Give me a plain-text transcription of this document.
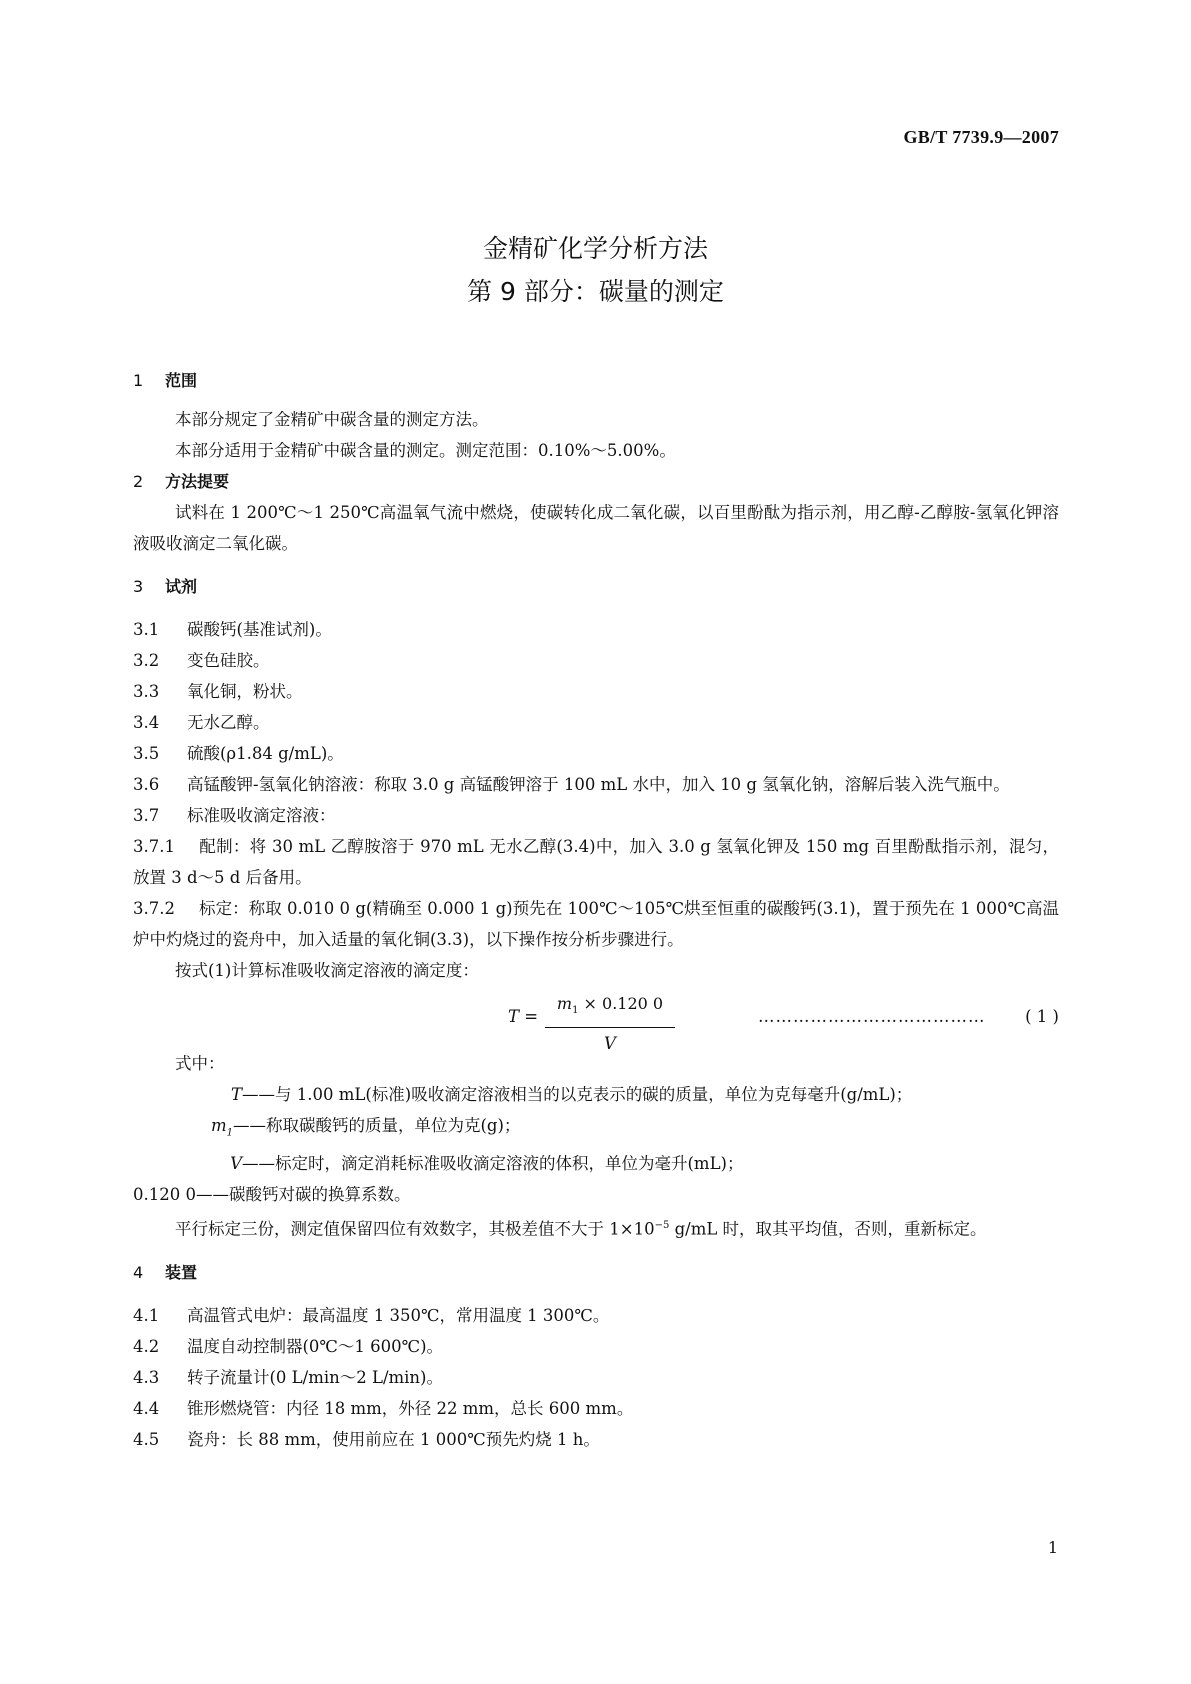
GB/T 7739.9—2007
金精矿化学分析方法
第 9 部分：碳量的测定
1 范围

本部分规定了金精矿中碳含量的测定方法。

本部分适用于金精矿中碳含量的测定。测定范围：0.10%～5.00%。

2 方法提要

试料在 1 200℃～1 250℃高温氧气流中燃烧，使碳转化成二氧化碳，以百里酚酞为指示剂，用乙醇-乙醇胺-氢氧化钾溶液吸收滴定二氧化碳。

3 试剂

3.1 碳酸钙(基准试剂)。

3.2 变色硅胶。

3.3 氧化铜，粉状。

3.4 无水乙醇。

3.5 硫酸(ρ1.84 g/mL)。

3.6 高锰酸钾-氢氧化钠溶液：称取 3.0 g 高锰酸钾溶于 100 mL 水中，加入 10 g 氢氧化钠，溶解后装入洗气瓶中。

3.7 标准吸收滴定溶液：

3.7.1 配制：将 30 mL 乙醇胺溶于 970 mL 无水乙醇(3.4)中，加入 3.0 g 氢氧化钾及 150 mg 百里酚酞指示剂，混匀，放置 3 d～5 d 后备用。

3.7.2 标定：称取 0.010 0 g(精确至 0.000 1 g)预先在 100℃～105℃烘至恒重的碳酸钙(3.1)，置于预先在 1 000℃高温炉中灼烧过的瓷舟中，加入适量的氧化铜(3.3)，以下操作按分析步骤进行。

按式(1)计算标准吸收滴定溶液的滴定度：

$T = \frac{m_1 \times 0.120 0}{V}$	………………………………… ( 1 )

式中：

T——与 1.00 mL(标准)吸收滴定溶液相当的以克表示的碳的质量，单位为克每毫升(g/mL)；

$m_1——$称取碳酸钙的质量，单位为克(g)；

V——标定时，滴定消耗标准吸收滴定溶液的体积，单位为毫升(mL)；

0.120 0——碳酸钙对碳的换算系数。

平行标定三份，测定值保留四位有效数字，其极差值不大于 $1\times 10^{-5}$ g/mL 时，取其平均值，否则，重新标定。

4 装置

4.1 高温管式电炉：最高温度 1 350℃，常用温度 1 300℃。

4.2 温度自动控制器(0℃～1 600℃)。

4.3 转子流量计(0 L/min～2 L/min)。

4.4 锥形燃烧管：内径 18 mm，外径 22 mm，总长 600 mm。

4.5 瓷舟：长 88 mm，使用前应在 1 000℃预先灼烧 1 h。

1
